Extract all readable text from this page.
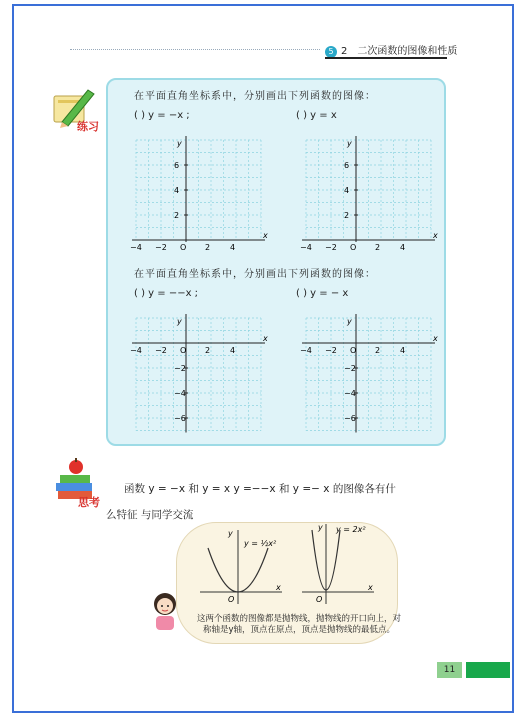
5 2　二次函数的图像和性质
练习
在平面直角坐标系中，分别画出下列函数的图像：
( ) y = −x ;	( ) y = x
−4 −2 O 2 4
x
y
6
4
2
−4 −2 O 2 4
x
y
6
4
2
在平面直角坐标系中，分别画出下列函数的图像：
( ) y = −−x ;	( ) y = − x
−4 −2 O 2 4
x
y
−2
−4
−6
−4 −2 O 2 4
x
y
−2
−4
−6
思考
函数 y = −x 和 y = x y =−−x 和 y =− x 的图像各有什
么特征 与同学交流
x
y
O
y = ½x²
x
y
O
y = 2x²
这两个函数的图像都是抛物线，抛物线的开口向上，对称轴是y轴，顶点在原点，顶点是抛物线的最低点。
11
